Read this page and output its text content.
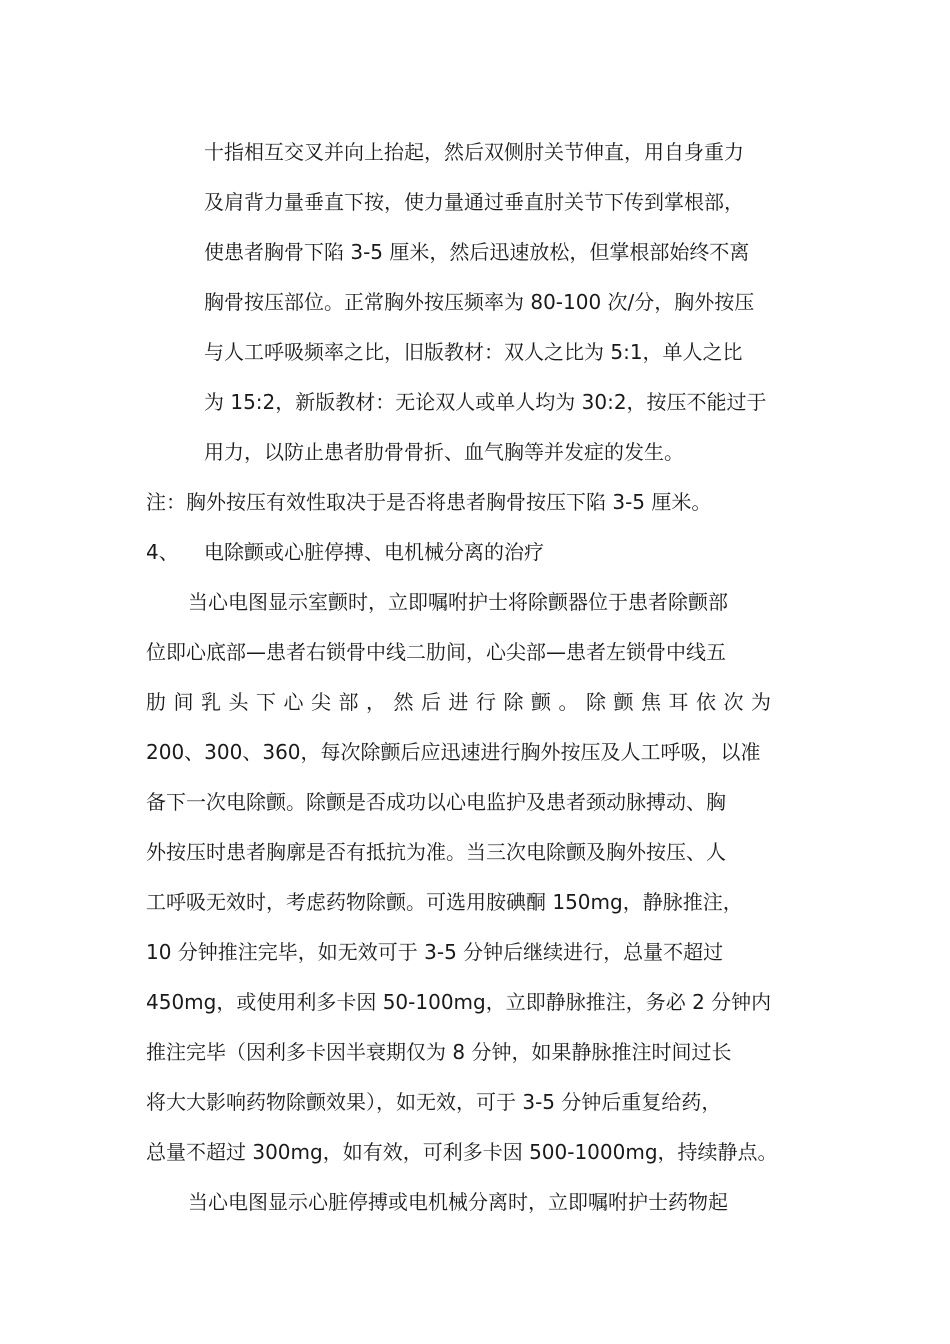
十指相互交叉并向上抬起，然后双侧肘关节伸直，用自身重力
及肩背力量垂直下按，使力量通过垂直肘关节下传到掌根部，
使患者胸骨下陷 3-5 厘米，然后迅速放松，但掌根部始终不离
胸骨按压部位。正常胸外按压频率为 80-100 次/分，胸外按压
与人工呼吸频率之比，旧版教材：双人之比为 5:1，单人之比
为 15:2，新版教材：无论双人或单人均为 30:2，按压不能过于
用力，以防止患者肋骨骨折、血气胸等并发症的发生。
注：胸外按压有效性取决于是否将患者胸骨按压下陷 3-5 厘米。
4、 电除颤或心脏停搏、电机械分离的治疗
当心电图显示室颤时，立即嘱咐护士将除颤器位于患者除颤部
位即心底部—患者右锁骨中线二肋间，心尖部—患者左锁骨中线五
肋间乳头下心尖部，然后进行除颤。除颤焦耳依次为
200、300、360，每次除颤后应迅速进行胸外按压及人工呼吸，以准
备下一次电除颤。除颤是否成功以心电监护及患者颈动脉搏动、胸
外按压时患者胸廓是否有抵抗为准。当三次电除颤及胸外按压、人
工呼吸无效时，考虑药物除颤。可选用胺碘酮 150mg，静脉推注，
10 分钟推注完毕，如无效可于 3-5 分钟后继续进行，总量不超过
450mg，或使用利多卡因 50-100mg，立即静脉推注，务必 2 分钟内
推注完毕（因利多卡因半衰期仅为 8 分钟，如果静脉推注时间过长
将大大影响药物除颤效果），如无效，可于 3-5 分钟后重复给药，
总量不超过 300mg，如有效，可利多卡因 500-1000mg，持续静点。
当心电图显示心脏停搏或电机械分离时，立即嘱咐护士药物起
